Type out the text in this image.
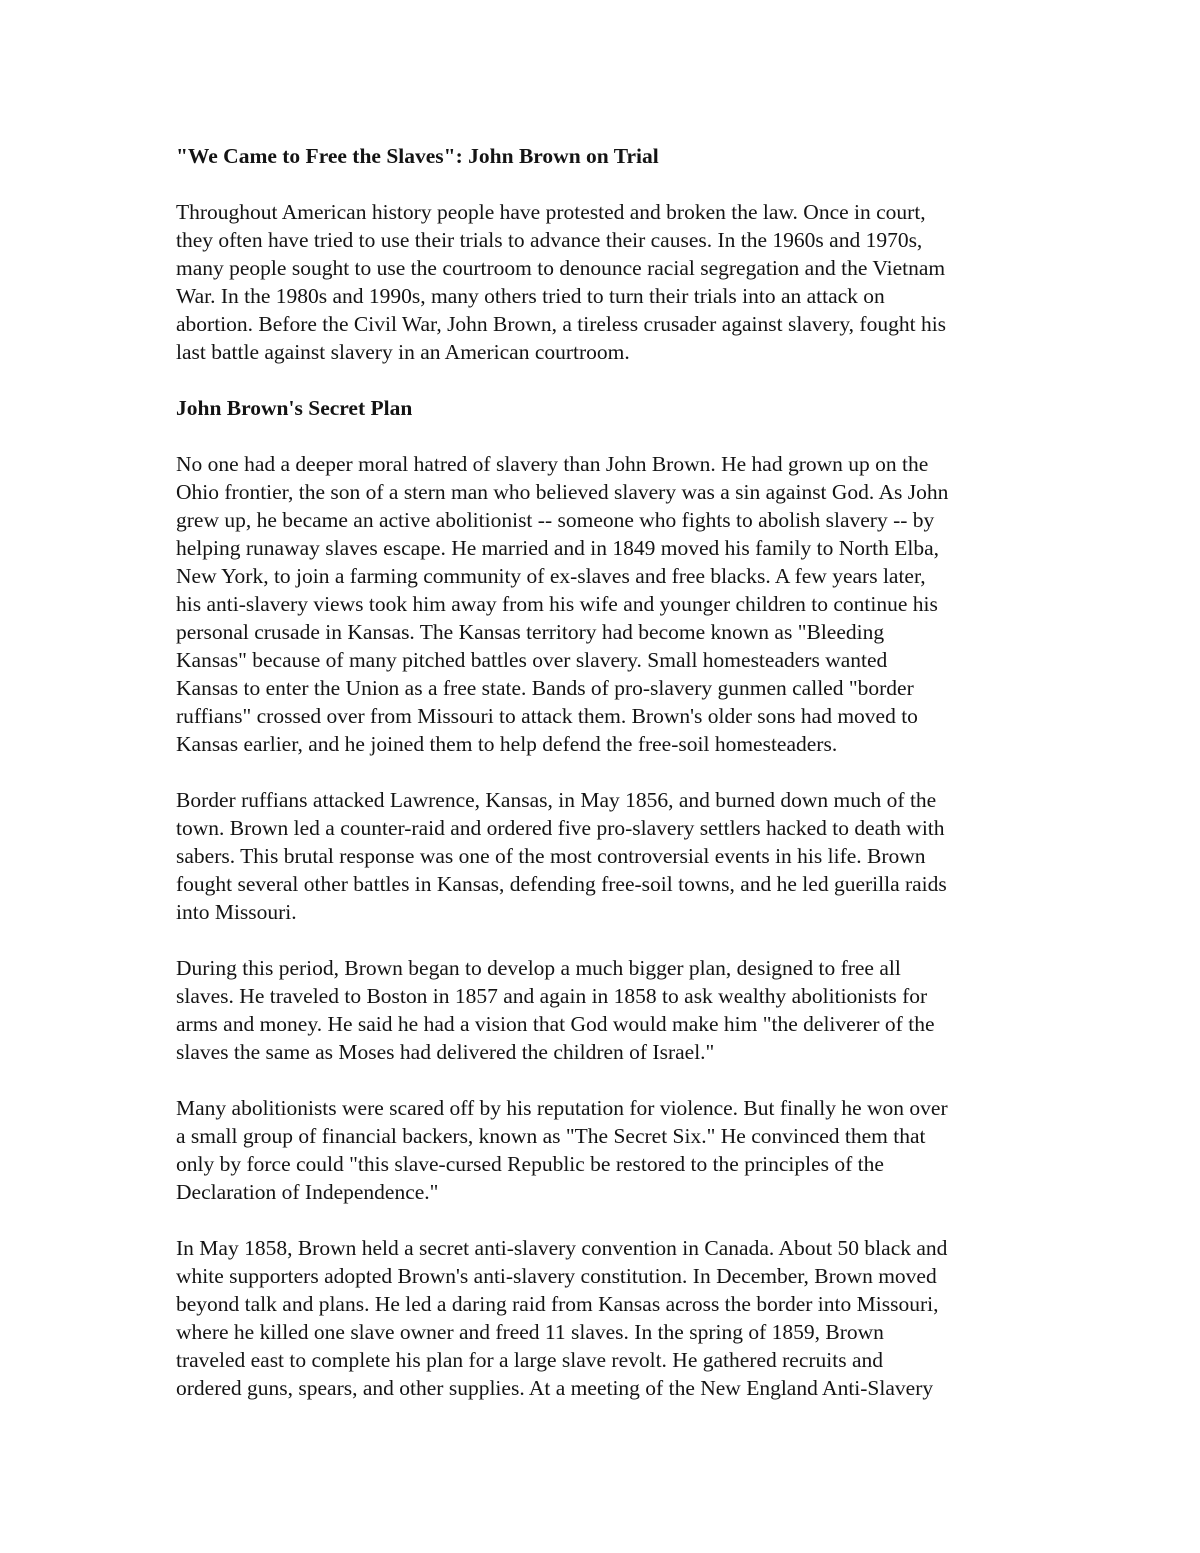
"We Came to Free the Slaves": John Brown on Trial
Throughout American history people have protested and broken the law. Once in court,
they often have tried to use their trials to advance their causes. In the 1960s and 1970s,
many people sought to use the courtroom to denounce racial segregation and the Vietnam
War. In the 1980s and 1990s, many others tried to turn their trials into an attack on
abortion. Before the Civil War, John Brown, a tireless crusader against slavery, fought his
last battle against slavery in an American courtroom.
John Brown's Secret Plan
No one had a deeper moral hatred of slavery than John Brown. He had grown up on the
Ohio frontier, the son of a stern man who believed slavery was a sin against God. As John
grew up, he became an active abolitionist -- someone who fights to abolish slavery -- by
helping runaway slaves escape. He married and in 1849 moved his family to North Elba,
New York, to join a farming community of ex-slaves and free blacks. A few years later,
his anti-slavery views took him away from his wife and younger children to continue his
personal crusade in Kansas. The Kansas territory had become known as "Bleeding
Kansas" because of many pitched battles over slavery. Small homesteaders wanted
Kansas to enter the Union as a free state. Bands of pro-slavery gunmen called "border
ruffians" crossed over from Missouri to attack them. Brown's older sons had moved to
Kansas earlier, and he joined them to help defend the free-soil homesteaders.
Border ruffians attacked Lawrence, Kansas, in May 1856, and burned down much of the
town. Brown led a counter-raid and ordered five pro-slavery settlers hacked to death with
sabers. This brutal response was one of the most controversial events in his life. Brown
fought several other battles in Kansas, defending free-soil towns, and he led guerilla raids
into Missouri.
During this period, Brown began to develop a much bigger plan, designed to free all
slaves. He traveled to Boston in 1857 and again in 1858 to ask wealthy abolitionists for
arms and money. He said he had a vision that God would make him "the deliverer of the
slaves the same as Moses had delivered the children of Israel."
Many abolitionists were scared off by his reputation for violence. But finally he won over
a small group of financial backers, known as "The Secret Six." He convinced them that
only by force could "this slave-cursed Republic be restored to the principles of the
Declaration of Independence."
In May 1858, Brown held a secret anti-slavery convention in Canada. About 50 black and
white supporters adopted Brown's anti-slavery constitution. In December, Brown moved
beyond talk and plans. He led a daring raid from Kansas across the border into Missouri,
where he killed one slave owner and freed 11 slaves. In the spring of 1859, Brown
traveled east to complete his plan for a large slave revolt. He gathered recruits and
ordered guns, spears, and other supplies. At a meeting of the New England Anti-Slavery
